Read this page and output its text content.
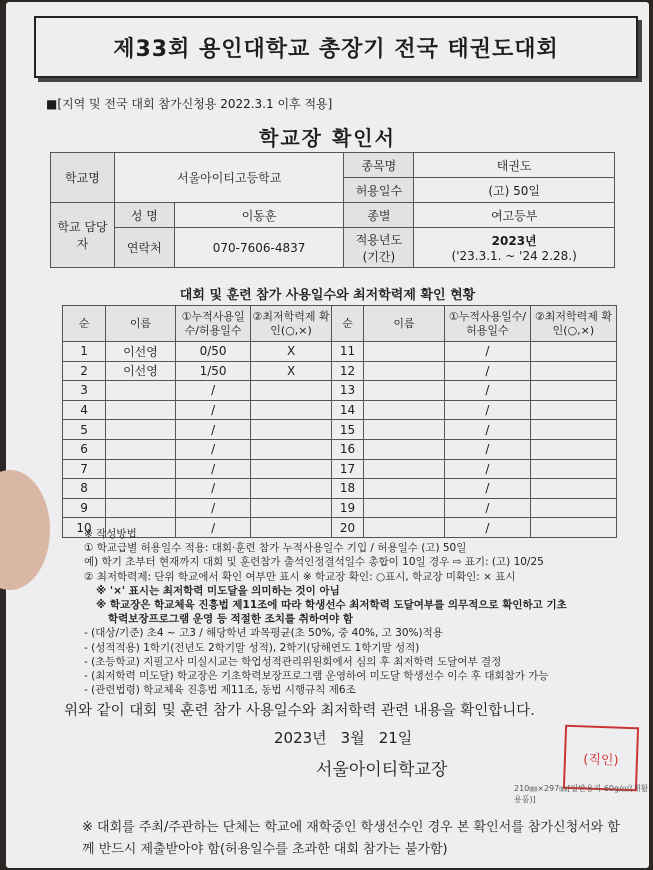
제33회 용인대학교 총장기 전국 태권도대회
■[지역 및 전국 대회 참가신청용 2022.3.1 이후 적용]
학교장 확인서
학교명	서울아이티고등학교		종목명	태권도
			허용일수	(고) 50일
학교 담당자	성 명	이동훈	종별	여고등부
	연락처	070-7606-4837	적용년도 (기간)	2023년
('23.3.1. ~ '24 2.28.)
대회 및 훈련 참가 사용일수와 최저학력제 확인 현황
순	이름	①누적사용일수/허용일수	②최저학력제 확인(○,×)	순	이름	①누적사용일수/허용일수	②최저학력제 확인(○,×)
1	이선영	0/50	X	11		/	
2	이선영	1/50	X	12		/	
3		/		13		/	
4		/		14		/	
5		/		15		/	
6		/		16		/	
7		/		17		/	
8		/		18		/	
9		/		19		/	
10		/		20		/	
※ 작성방법
① 학교급별 허용일수 적용: 대회·훈련 참가 누적사용일수 기입 / 허용일수 (고) 50일
예) 학기 초부터 현재까지 대회 및 훈련참가 출석인정결석일수 총합이 10일 경우 ⇨ 표기: (고) 10/25
② 최저학력제: 단위 학교에서 확인 여부만 표시 ※ 학교장 확인: ○표시, 학교장 미확인: × 표시
※ '×' 표시는 최저학력 미도달을 의미하는 것이 아님
※ 학교장은 학교체육 진흥법 제11조에 따라 학생선수 최저학력 도달여부를 의무적으로 확인하고 기초
학력보장프로그램 운영 등 적절한 조치를 취하여야 함
- (대상/기준) 초4 ~ 고3 / 해당학년 과목평균(초 50%, 중 40%, 고 30%)적용
- (성적적용) 1학기(전년도 2학기말 성적), 2학기(당해연도 1학기말 성적)
- (초등학교) 지필고사 미실시교는 학업성적관리위원회에서 심의 후 최저학력 도달여부 결정
- (최저학력 미도달) 학교장은 기초학력보장프로그램 운영하여 미도달 학생선수 이수 후 대회참가 가능
- (관련법령) 학교체육 진흥법 제11조, 동법 시행규칙 제6조
위와 같이 대회 및 훈련 참가 사용일수와 최저학력 관련 내용을 확인합니다.
2023년 3월 21일
서울아이티학교장
(직인)
210㎜×297㎜[일반용지 60g/㎡(재활용품)]
※ 대회를 주최/주관하는 단체는 학교에 재학중인 학생선수인 경우 본 확인서를 참가신청서와 함께 반드시 제출받아야 함(허용일수를 초과한 대회 참가는 불가함)
